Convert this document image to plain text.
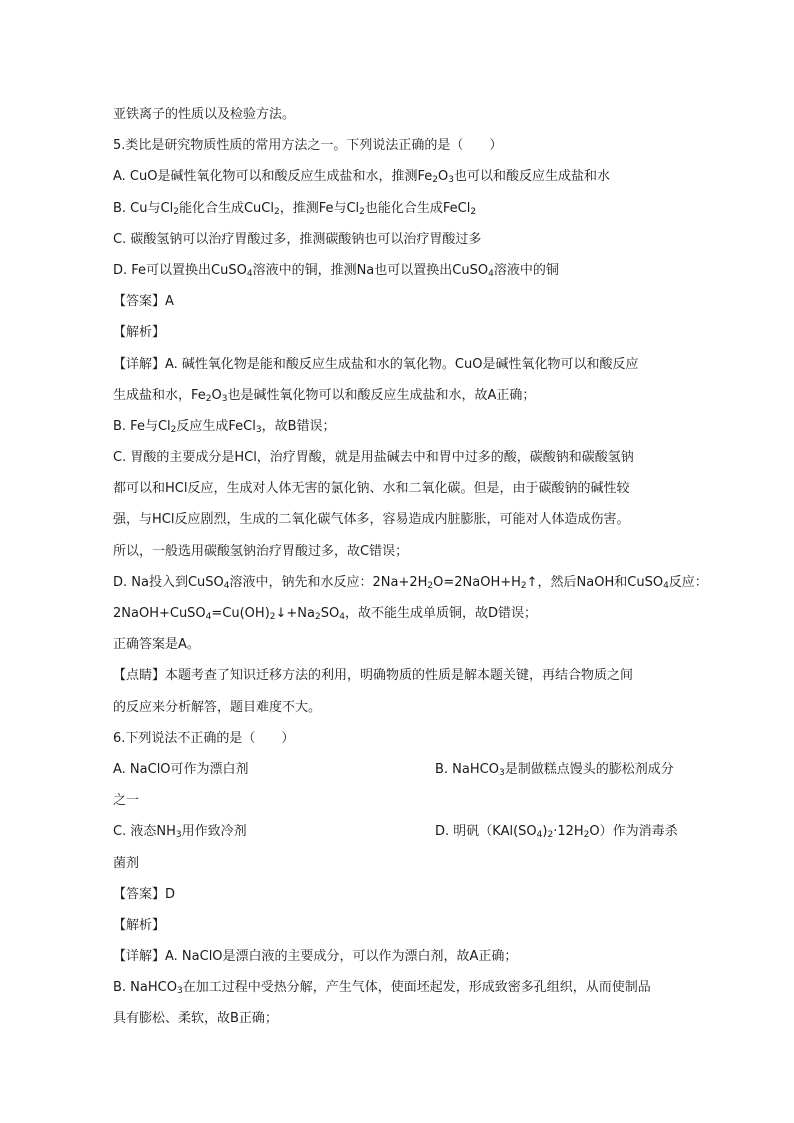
亚铁离子的性质以及检验方法。
5.类比是研究物质性质的常用方法之一。下列说法正确的是（　　）
A. CuO是碱性氧化物可以和酸反应生成盐和水，推测$Fe_2O_3$也可以和酸反应生成盐和水
B. Cu与$Cl_2$能化合生成CuCl$_2$，推测Fe与$Cl_2$也能化合生成FeCl$_2$
C. 碳酸氢钠可以治疗胃酸过多，推测碳酸钠也可以治疗胃酸过多
D. Fe可以置换出CuSO$_4$溶液中的铜，推测Na也可以置换出CuSO$_4$溶液中的铜
【答案】A
【解析】
【详解】A. 碱性氧化物是能和酸反应生成盐和水的氧化物。CuO是碱性氧化物可以和酸反应
生成盐和水，$Fe_2O_3$也是碱性氧化物可以和酸反应生成盐和水，故A正确；
B. Fe与$Cl_2$反应生成FeCl$_3$，故B错误；
C. 胃酸的主要成分是HCl，治疗胃酸，就是用盐碱去中和胃中过多的酸，碳酸钠和碳酸氢钠
都可以和HCl反应，生成对人体无害的氯化钠、水和二氧化碳。但是，由于碳酸钠的碱性较
强，与HCl反应剧烈，生成的二氧化碳气体多，容易造成内脏膨胀，可能对人体造成伤害。
所以，一般选用碳酸氢钠治疗胃酸过多，故C错误；
D. Na投入到CuSO$_4$溶液中，钠先和水反应：$2Na+2H_2O=2NaOH+H_2↑$，然后NaOH和CuSO$_4$反应：
$2NaOH+CuSO_4=Cu(OH)_2↓+Na_2SO_4$，故不能生成单质铜，故D错误；
正确答案是A。
【点睛】本题考查了知识迁移方法的利用，明确物质的性质是解本题关键，再结合物质之间
的反应来分析解答，题目难度不大。
6.下列说法不正确的是（　　）
A. NaClO可作为漂白剂	B. NaHCO$_3$是制做糕点馒头的膨松剂成分
之一
C. 液态$NH_3$用作致冷剂	D. 明矾$(KAl(SO_4)_2\cdot 12H_2O)$作为消毒杀
菌剂
【答案】D
【解析】
【详解】A. NaClO是漂白液的主要成分，可以作为漂白剂，故A正确；
B. NaHCO$_3$在加工过程中受热分解，产生气体，使面坯起发，形成致密多孔组织，从而使制品
具有膨松、柔软，故B正确；
